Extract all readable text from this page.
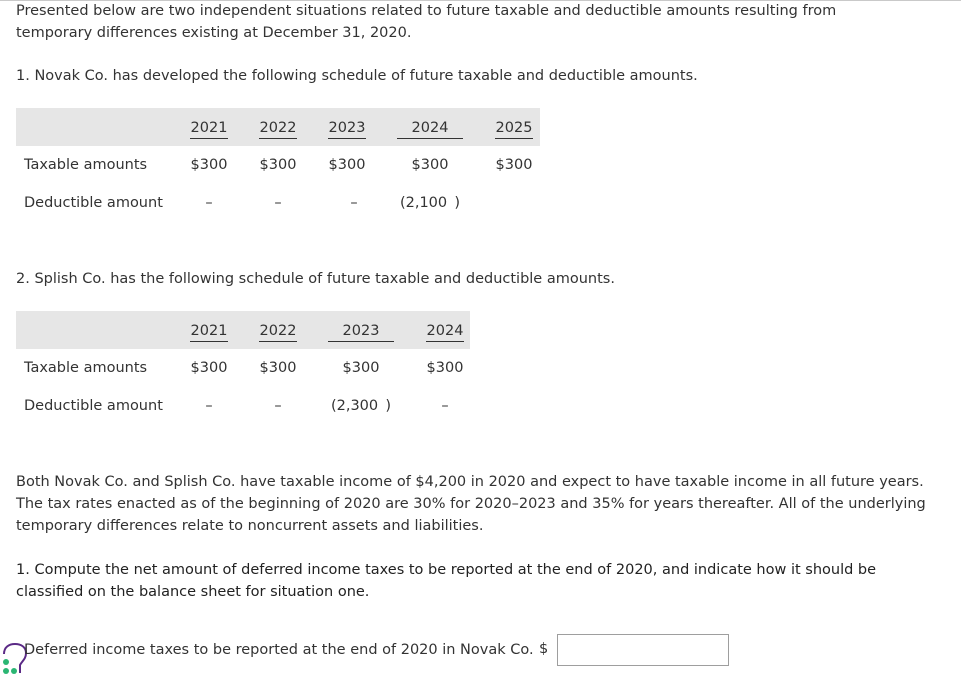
Presented below are two independent situations related to future taxable and deductible amounts resulting from temporary differences existing at December 31, 2020.

1. Novak Co. has developed the following schedule of future taxable and deductible amounts.

2021 2022 2023	2024	2025
Taxable amounts	$300	$300	$300	$300	$300
Deductible amount	–	–	–	(2,100 )

2. Splish Co. has the following schedule of future taxable and deductible amounts.

2021 2022	2023	2024
Taxable amounts	$300	$300	$300	$300
Deductible amount	–	–	(2,300 )	–

Both Novak Co. and Splish Co. have taxable income of $4,200 in 2020 and expect to have taxable income in all future years. The tax rates enacted as of the beginning of 2020 are 30% for 2020–2023 and 35% for years thereafter. All of the underlying temporary differences relate to noncurrent assets and liabilities.

1. Compute the net amount of deferred income taxes to be reported at the end of 2020, and indicate how it should be classified on the balance sheet for situation one.

Deferred income taxes to be reported at the end of 2020 in Novak Co. $
